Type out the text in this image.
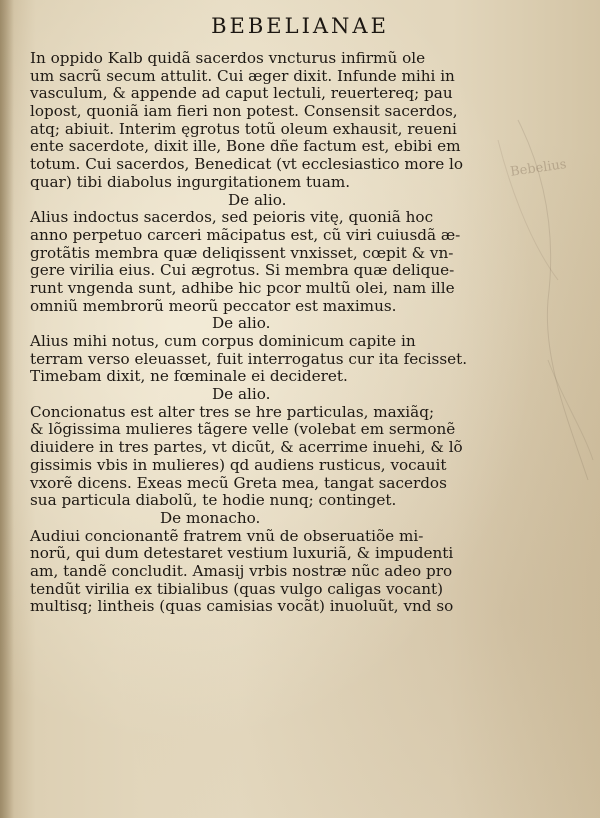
Bebelius
BEBELIANAE
In oppido Kalb quidã sacerdos vncturus infirmũ ole
um sacrũ secum attulit. Cui æger dixit. Infunde mihi in
vasculum, & appende ad caput lectuli, reuertereq; pau
lopost, quoniã iam fieri non potest. Consensit sacerdos,
atq; abiuit. Interim ęgrotus totũ oleum exhausit, reueni
ente sacerdote, dixit ille, Bone dñe factum est, ebibi em
totum. Cui sacerdos, Benedicat (vt ecclesiastico more lo
quar) tibi diabolus ingurgitationem tuam.
De alio.
Alius indoctus sacerdos, sed peioris vitę, quoniã hoc
anno perpetuo carceri mãcipatus est, cũ viri cuiusdã æ-
grotãtis membra quæ deliqissent vnxisset, cœpit & vn-
gere virilia eius. Cui ægrotus. Si membra quæ delique-
runt vngenda sunt, adhibe hic pcor multũ olei, nam ille
omniũ membrorũ meorũ peccator est maximus.
De alio.
Alius mihi notus, cum corpus dominicum capite in
terram verso eleuasset, fuit interrogatus cur ita fecisset.
Timebam dixit, ne fœminale ei decideret.
De alio.
Concionatus est alter tres se hre particulas, maxiãq;
& lõgissima mulieres tãgere velle (volebat em sermonẽ
diuidere in tres partes, vt dicũt, & acerrime inuehi, & lõ
gissimis vbis in mulieres) qd audiens rusticus, vocauit
vxorẽ dicens. Exeas mecũ Greta mea, tangat sacerdos
sua particula diabolũ, te hodie nunq; continget.
De monacho.
Audiui concionantẽ fratrem vnũ de obseruatiõe mi-
norũ, qui dum detestaret vestium luxuriã, & impudenti
am, tandẽ concludit. Amasij vrbis nostræ nũc adeo pro
tendũt virilia ex tibialibus (quas vulgo caligas vocant)
multisq; lintheis (quas camisias vocãt) inuoluũt, vnd so
